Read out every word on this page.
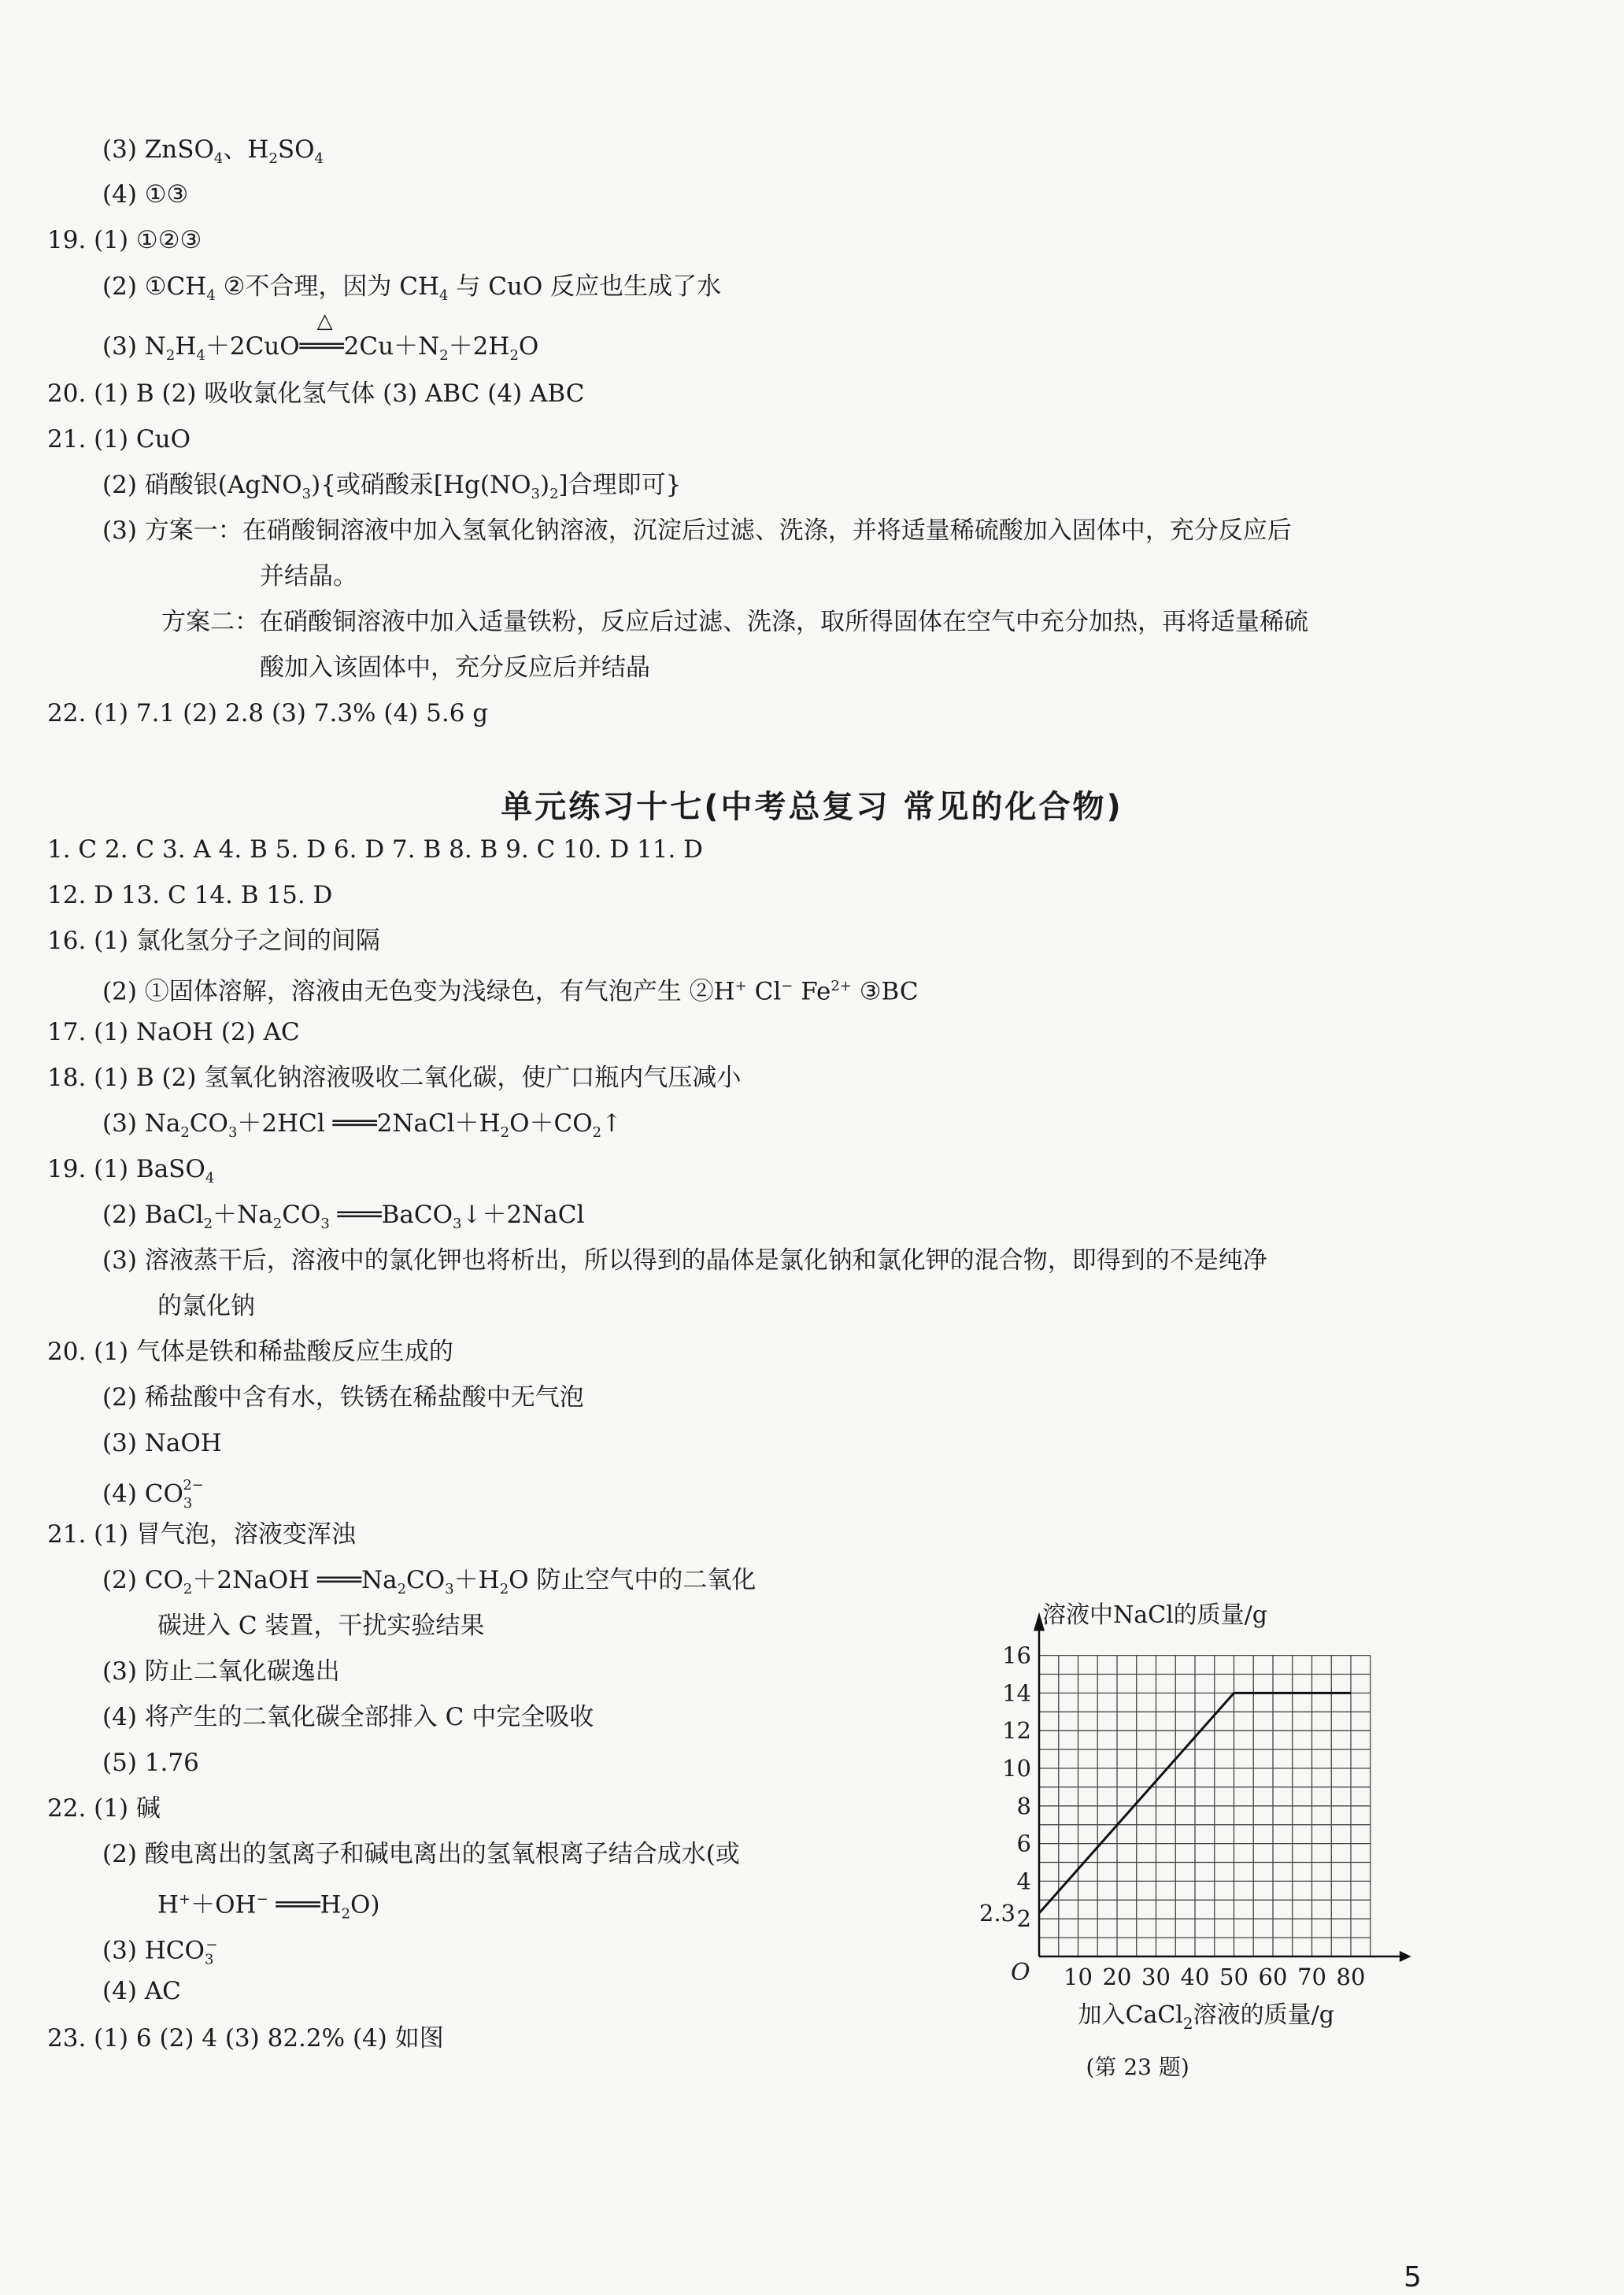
(3) ZnSO$_4$、$H_2SO_4$
(4) ①③
19. (1) ①②③
(2) $①CH_4$ ②不合理，因为 $CH_4$ 与 CuO 反应也生成了水
(3) $N_2H_4+2CuO$
△
$═══2Cu+N_2+2H_2O$
20. (1) B (2) 吸收氯化氢气体 (3) ABC (4) ABC
21. (1) CuO
(2) 硝酸银(AgNO$_3$){或硝酸汞$[Hg(NO_3)_2]$合理即可}
(3) 方案一：在硝酸铜溶液中加入氢氧化钠溶液，沉淀后过滤、洗涤，并将适量稀硫酸加入固体中，充分反应后
并结晶。
方案二：在硝酸铜溶液中加入适量铁粉，反应后过滤、洗涤，取所得固体在空气中充分加热，再将适量稀硫
酸加入该固体中，充分反应后并结晶
22. (1) 7.1 (2) 2.8 (3) 7.3% (4) 5.6 g
1. C 2. C 3. A 4. B 5. D 6. D 7. B 8. B 9. C 10. D 11. D
12. D 13. C 14. B 15. D
16. (1) 氯化氢分子之间的间隔
(2) ①固体溶解，溶液由无色变为浅绿色，有气泡产生 ②H+ Cl− $Fe^{2+}$ ③BC
17. (1) NaOH (2) AC
18. (1) B (2) 氢氧化钠溶液吸收二氧化碳，使广口瓶内气压减小
(3) $Na_2CO_3+2HCl$ $═══2NaCl+H_2O+CO_2↑$
19. (1) BaSO$_4$
(2) $BaCl_2+Na_2CO_3$ ═══BaCO$_3$↓＋2NaCl
(3) 溶液蒸干后，溶液中的氯化钾也将析出，所以得到的晶体是氯化钠和氯化钾的混合物，即得到的不是纯净
的氯化钠
20. (1) 气体是铁和稀盐酸反应生成的
(2) 稀盐酸中含有水，铁锈在稀盐酸中无气泡
(3) NaOH
(4) $CO_3^{2-}$
21. (1) 冒气泡，溶液变浑浊
(2) $CO_2+2NaOH$ $═══Na_2CO_3+H_2O$ 防止空气中的二氧化
碳进入 C 装置，干扰实验结果
(3) 防止二氧化碳逸出
(4) 将产生的二氧化碳全部排入 C 中完全吸收
(5) 1.76
22. (1) 碱
(2) 酸电离出的氢离子和碱电离出的氢氧根离子结合成水(或
H+＋OH− $═══H_2O$)
(3) $HCO_3^-$
(4) AC
23. (1) 6 (2) 4 (3) 82.2% (4) 如图
单元练习十七(中考总复习 常见的化合物)
溶液中NaCl的质量/g
2
4
6
8
10
12
14
16
2.3
10 20 30 40 50 60 70 80
O
加入CaCl$_2$溶液的质量/g
(第 23 题)
5
